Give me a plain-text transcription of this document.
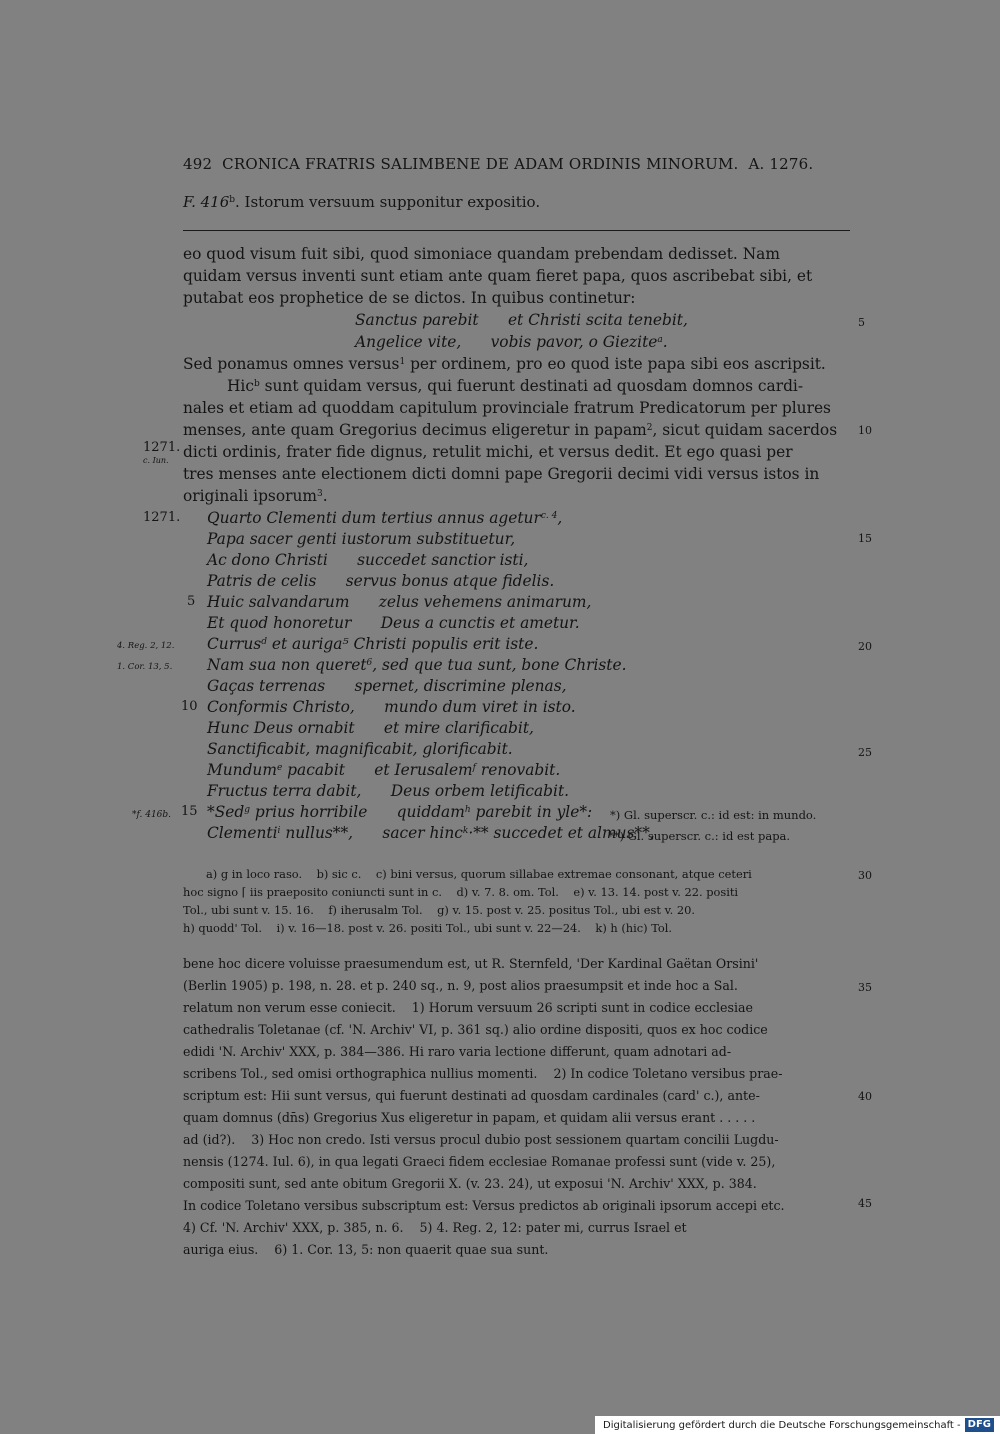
492 CRONICA FRATRIS SALIMBENE DE ADAM ORDINIS MINORUM. A. 1276.
F. 416$^b$. Istorum versuum supponitur expositio.
eo quod visum fuit sibi, quod simoniace quandam prebendam dedisset. Nam
quidam versus inventi sunt etiam ante quam fieret papa, quos ascribebat sibi, et
putabat eos prophetice de se dictos. In quibus continetur:
Sanctus parebit      et Christi scita tenebit,
Angelice vite,      vobis pavor, o Giezite$^a$.
Sed ponamus omnes versus$^1$ per ordinem, pro eo quod iste papa sibi eos ascripsit.
Hic$^b$ sunt quidam versus, qui fuerunt destinati ad quosdam domnos cardi-
nales et etiam ad quoddam capitulum provinciale fratrum Predicatorum per plures
menses, ante quam Gregorius decimus eligeretur in papam$^2$, sicut quidam sacerdos
dicti ordinis, frater fide dignus, retulit michi, et versus dedit. Et ego quasi per
tres menses ante electionem dicti domni pape Gregorii decimi vidi versus istos in
originali ipsorum$^3$.
Quarto Clementi dum tertius annus agetur$^{c. 4}$,
Papa sacer genti iustorum substituetur,
Ac dono Christi      succedet sanctior isti,
Patris de celis      servus bonus atque fidelis.
Huic salvandarum      zelus vehemens animarum,
Et quod honoretur      Deus a cunctis et ametur.
Currus$^d$ et auriga⁵ Christi populis erit iste.
Nam sua non queret$^6$, sed que tua sunt, bone Christe.
Gaças terrenas      spernet, discrimine plenas,
Conformis Christo,      mundo dum viret in isto.
Hunc Deus ornabit      et mire clarificabit,
Sanctificabit, magnificabit, glorificabit.
Mundum$^e$ pacabit      et Ierusalem$^f$ renovabit.
Fructus terra dabit,      Deus orbem letificabit.
*Sed$^g$ prius horribile      quiddam$^h$ parebit in yle*:
Clementi$^i$ nullus**,      sacer hinc$^k$·** succedet et almus**,
*) Gl. superscr. c.: id est: in mundo.
**) Gl. superscr. c.: id est papa.
1271.
c. Iun.
1271.
4. Reg. 2, 12.
1. Cor. 13, 5.
*f. 416b.
5
10
15
5
10
15
20
25
30
35
40
45
a) g in loco raso.    b) sic c.    c) bini versus, quorum sillabae extremae consonant, atque ceteri
hoc signo ⌈ iis praeposito coniuncti sunt in c.    d) v. 7. 8. om. Tol.    e) v. 13. 14. post v. 22. positi
Tol., ubi sunt v. 15. 16.    f) iherusalm Tol.    g) v. 15. post v. 25. positus Tol., ubi est v. 20.
h) quodd' Tol.    i) v. 16—18. post v. 26. positi Tol., ubi sunt v. 22—24.    k) h (hic) Tol.
bene hoc dicere voluisse praesumendum est, ut R. Sternfeld, 'Der Kardinal Gaëtan Orsini'
(Berlin 1905) p. 198, n. 28. et p. 240 sq., n. 9, post alios praesumpsit et inde hoc a Sal.
relatum non verum esse coniecit.    1) Horum versuum 26 scripti sunt in codice ecclesiae
cathedralis Toletanae (cf. 'N. Archiv' VI, p. 361 sq.) alio ordine dispositi, quos ex hoc codice
edidi 'N. Archiv' XXX, p. 384—386. Hi raro varia lectione differunt, quam adnotari ad-
scribens Tol., sed omisi orthographica nullius momenti.    2) In codice Toletano versibus prae-
scriptum est: Hii sunt versus, qui fuerunt destinati ad quosdam cardinales (card' c.), ante-
quam domnus (dn̄s) Gregorius Xus eligeretur in papam, et quidam alii versus erant . . . . .
ad (id?).    3) Hoc non credo. Isti versus procul dubio post sessionem quartam concilii Lugdu-
nensis (1274. Iul. 6), in qua legati Graeci fidem ecclesiae Romanae professi sunt (vide v. 25),
compositi sunt, sed ante obitum Gregorii X. (v. 23. 24), ut exposui 'N. Archiv' XXX, p. 384.
In codice Toletano versibus subscriptum est: Versus predictos ab originali ipsorum accepi etc.
4) Cf. 'N. Archiv' XXX, p. 385, n. 6.    5) 4. Reg. 2, 12: pater mi, currus Israel et
auriga eius.    6) 1. Cor. 13, 5: non quaerit quae sua sunt.
Digitalisierung gefördert durch die Deutsche Forschungsgemeinschaft - DFG
